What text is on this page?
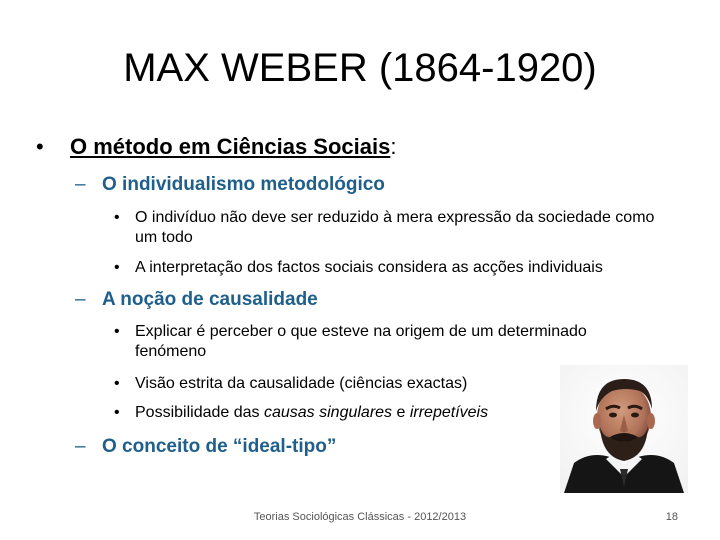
MAX WEBER (1864-1920)
• O método em Ciências Sociais:
– O individualismo metodológico
• O indivíduo não deve ser reduzido à mera expressão da sociedade como um todo
• A interpretação dos factos sociais considera as acções individuais
– A noção de causalidade
• Explicar é perceber o que esteve na origem de um determinado fenómeno
• Visão estrita da causalidade (ciências exactas)
• Possibilidade das causas singulares e irrepetíveis
– O conceito de “ideal-tipo”
Teorias Sociológicas Clássicas - 2012/2013	18
